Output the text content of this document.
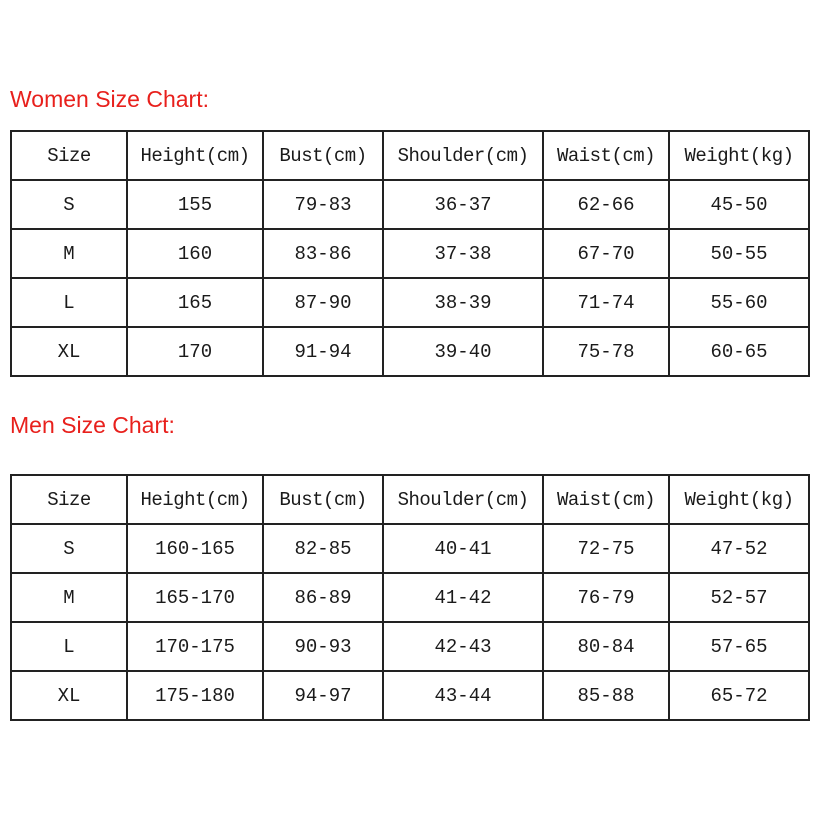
Women Size Chart:
Size	Height(cm)	Bust(cm)	Shoulder(cm)	Waist(cm)	Weight(kg)
S	155	79-83	36-37	62-66	45-50
M	160	83-86	37-38	67-70	50-55
L	165	87-90	38-39	71-74	55-60
XL	170	91-94	39-40	75-78	60-65
Men Size Chart:
Size	Height(cm)	Bust(cm)	Shoulder(cm)	Waist(cm)	Weight(kg)
S	160-165	82-85	40-41	72-75	47-52
M	165-170	86-89	41-42	76-79	52-57
L	170-175	90-93	42-43	80-84	57-65
XL	175-180	94-97	43-44	85-88	65-72
